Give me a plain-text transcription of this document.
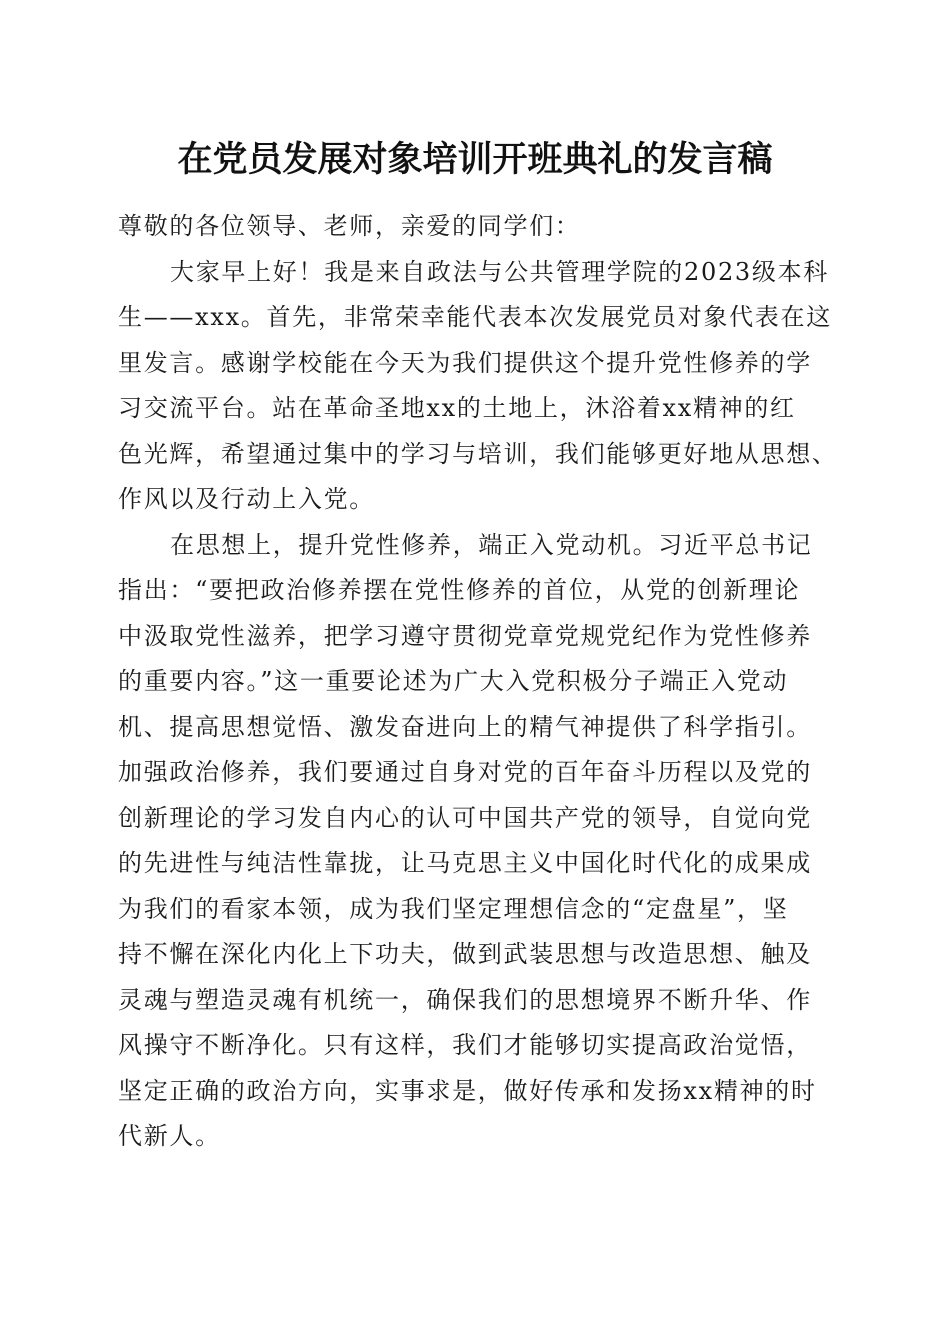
在党员发展对象培训开班典礼的发言稿
尊敬的各位领导、老师，亲爱的同学们：
大家早上好！我是来自政法与公共管理学院的2023级本科
生——xxx。首先，非常荣幸能代表本次发展党员对象代表在这
里发言。感谢学校能在今天为我们提供这个提升党性修养的学
习交流平台。站在革命圣地xx的土地上，沐浴着xx精神的红
色光辉，希望通过集中的学习与培训，我们能够更好地从思想、
作风以及行动上入党。
在思想上，提升党性修养，端正入党动机。习近平总书记
指出：“要把政治修养摆在党性修养的首位，从党的创新理论
中汲取党性滋养，把学习遵守贯彻党章党规党纪作为党性修养
的重要内容。”这一重要论述为广大入党积极分子端正入党动
机、提高思想觉悟、激发奋进向上的精气神提供了科学指引。
加强政治修养，我们要通过自身对党的百年奋斗历程以及党的
创新理论的学习发自内心的认可中国共产党的领导，自觉向党
的先进性与纯洁性靠拢，让马克思主义中国化时代化的成果成
为我们的看家本领，成为我们坚定理想信念的“定盘星”，坚
持不懈在深化内化上下功夫，做到武装思想与改造思想、触及
灵魂与塑造灵魂有机统一，确保我们的思想境界不断升华、作
风操守不断净化。只有这样，我们才能够切实提高政治觉悟，
坚定正确的政治方向，实事求是，做好传承和发扬xx精神的时
代新人。
